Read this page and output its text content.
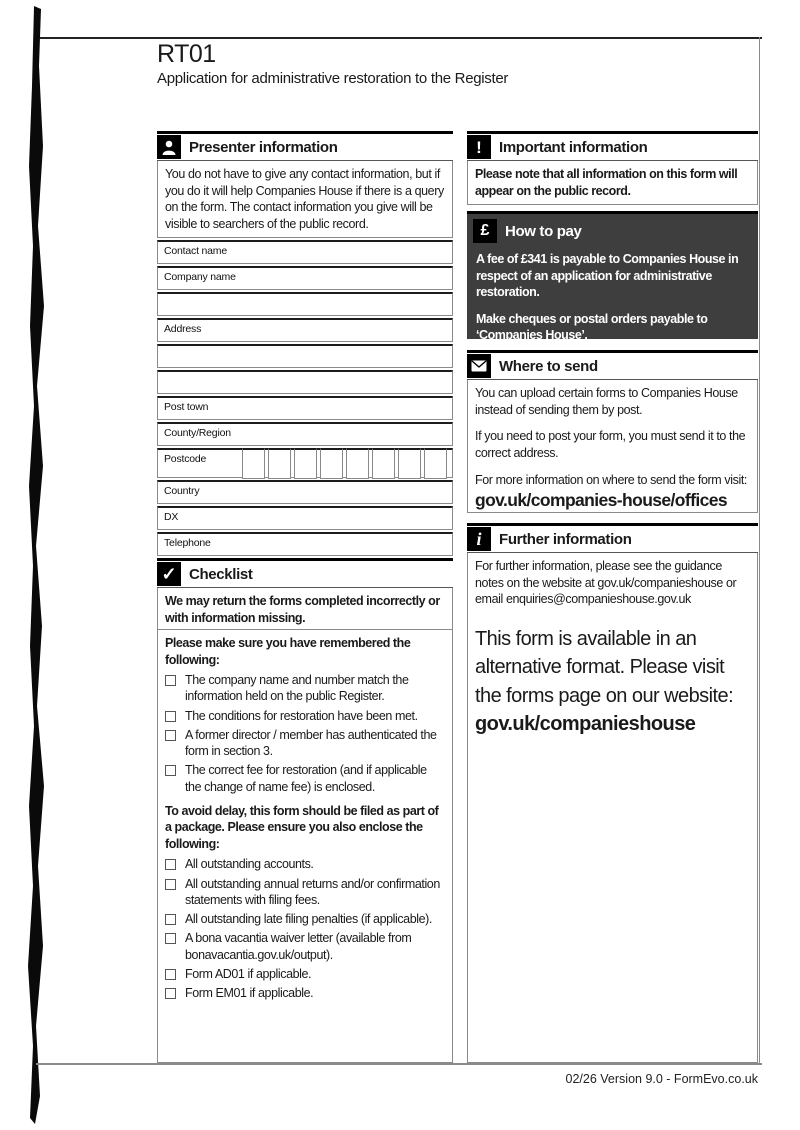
RT01
Application for administrative restoration to the Register
Presenter information
You do not have to give any contact information, but if you do it will help Companies House if there is a query on the form. The contact information you give will be visible to searchers of the public record.
Contact name
Company name
Address
Post town
County/Region
Postcode
Country
DX
Telephone
✓ Checklist
We may return the forms completed incorrectly or with information missing.
Please make sure you have remembered the following:
The company name and number match the information held on the public Register.
The conditions for restoration have been met.
A former director / member has authenticated the form in section 3.
The correct fee for restoration (and if applicable the change of name fee) is enclosed.
To avoid delay, this form should be filed as part of a package. Please ensure you also enclose the following:
All outstanding accounts.
All outstanding annual returns and/or confirmation statements with filing fees.
All outstanding late filing penalties (if applicable).
A bona vacantia waiver letter (available from bonavacantia.gov.uk/output).
Form AD01 if applicable.
Form EM01 if applicable.
! Important information
Please note that all information on this form will appear on the public record.
£ How to pay
A fee of £341 is payable to Companies House in respect of an application for administrative restoration.
Make cheques or postal orders payable to ‘Companies House’.
Where to send
You can upload certain forms to Companies House instead of sending them by post.
If you need to post your form, you must send it to the correct address.
For more information on where to send the form visit:
gov.uk/companies-house/offices
i Further information
For further information, please see the guidance notes on the website at gov.uk/companieshouse or email enquiries@companieshouse.gov.uk
This form is available in an alternative format. Please visit the forms page on our website:
gov.uk/companieshouse
02/26 Version 9.0 - FormEvo.co.uk
